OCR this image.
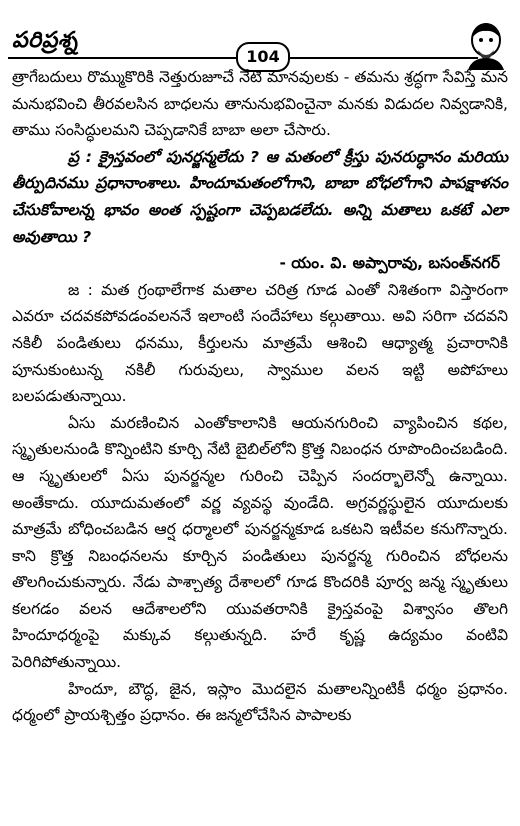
పరిప్రశ్న
104

త్రాగేబదులు రొమ్ముకొరికి నెత్తురుజూచే నేటి మానవులకు - తమను శ్రద్ధగా సేవిస్తే మన మనుభవించి తీరవలసిన బాధలను తానునుభవించైనా మనకు విడుదల నివ్వడానికి, తాము సంసిద్ధులమని చెప్పడానికే బాబా అలా చేసారు.

ప్ర : క్రైస్తవంలో పునర్జన్మలేదు ? ఆ మతంలో క్రీస్తు పునరుద్ధానం మరియు తీర్పుదినము ప్రధానాంశాలు. హిందూమతంలోగాని, బాబా బోధలోగాని పాపక్షాళనం చేసుకోవాలన్న భావం అంత స్పష్టంగా చెప్పబడలేదు. అన్ని మతాలు ఒకటే ఎలా అవుతాయి ?

- యం. వి. అప్పారావు, బసంత్‌నగర్

జ : మత గ్రంథాలేగాక మతాల చరిత్ర గూడ ఎంతో నిశితంగా విస్తారంగా ఎవరూ చదవకపోవడంవలననే ఇలాంటి సందేహాలు కల్గుతాయి. అవి సరిగా చదవని నకిలీ పండితులు ధనము, కీర్తులను మాత్రమే ఆశించి ఆధ్యాత్మ ప్రచారానికి పూనుకుంటున్న నకిలీ గురువులు, స్వాముల వలన ఇట్టి అపోహలు బలపడుతున్నాయి.

ఏసు మరణించిన ఎంతోకాలానికి ఆయనగురించి వ్యాపించిన కథల, స్మృతులనుండి కొన్నింటిని కూర్చి నేటి బైబిల్‌లోని క్రొత్త నిబంధన రూపొందించబడింది. ఆ స్మృతులలో ఏసు పునర్జన్మల గురించి చెప్పిన సందర్భాలెన్నో ఉన్నాయి. అంతేకాదు. యూదుమతంలో వర్ణ వ్యవస్థ వుండేది. అగ్రవర్ణస్థులైన యూదులకు మాత్రమే బోధించబడిన ఆర్ష ధర్మాలలో పునర్జన్మకూడ ఒకటని ఇటీవల కనుగొన్నారు. కాని క్రొత్త నిబంధనలను కూర్చిన పండితులు పునర్జన్మ గురించిన బోధలను తొలగించుకున్నారు. నేడు పాశ్చాత్య దేశాలలో గూడ కొందరికి పూర్వ జన్మ స్మృతులు కలగడం వలన ఆదేశాలలోని యువతరానికి క్రైస్తవంపై విశ్వాసం తొలగి హిందూధర్మంపై మక్కువ కల్గుతున్నది. హరే కృష్ణ ఉద్యమం వంటివి పెరిగిపోతున్నాయి.

హిందూ, బౌద్ధ, జైన, ఇస్లాం మొదలైన మతాలన్నింటికీ ధర్మం ప్రధానం. ధర్మంలో ప్రాయశ్చిత్తం ప్రధానం. ఈ జన్మలోచేసిన పాపాలకు
